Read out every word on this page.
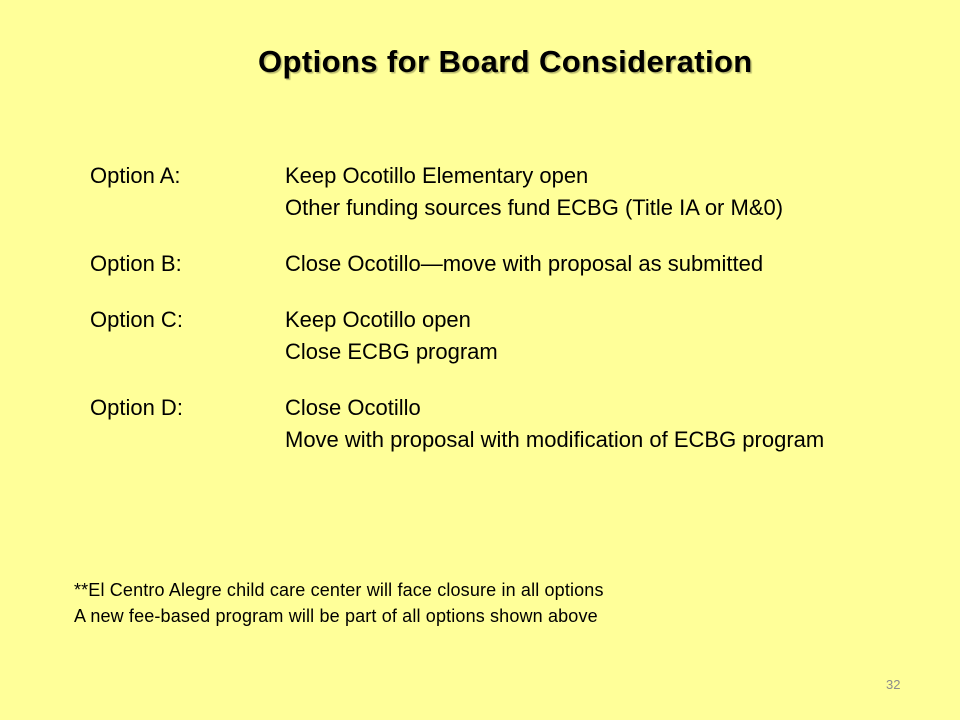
Options for Board Consideration
Option A:	Keep Ocotillo Elementary open
Other funding sources fund ECBG (Title IA or M&0)
Option B:	Close Ocotillo—move with proposal as submitted
Option C:	Keep Ocotillo open
Close ECBG program
Option D:	Close Ocotillo
Move with proposal with modification of ECBG program
**El Centro Alegre child care center will face closure in all options
A new fee-based program will be part of all options shown above
32
